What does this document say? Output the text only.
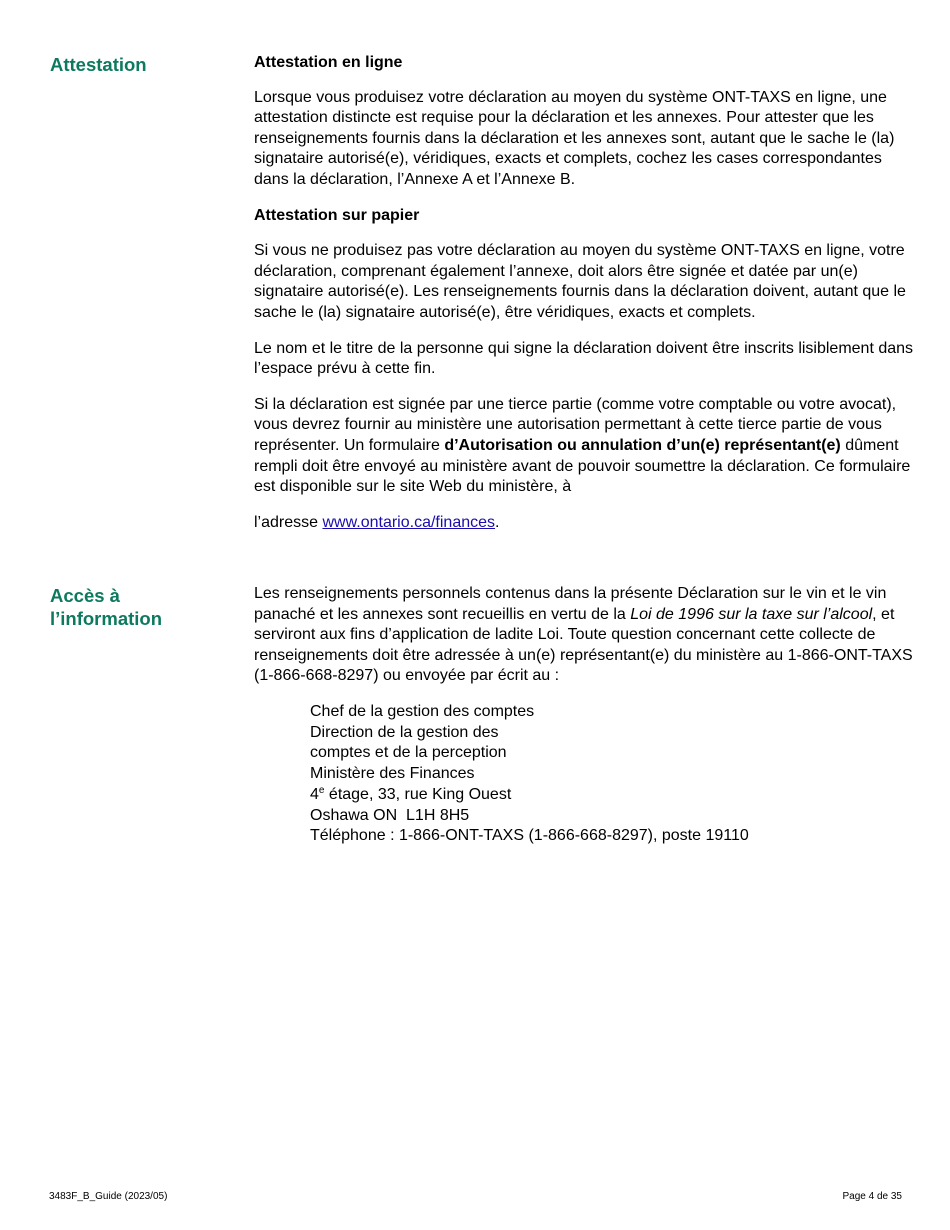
Attestation	Attestation en ligne

Lorsque vous produisez votre déclaration au moyen du système ONT-TAXS en ligne, une attestation distincte est requise pour la déclaration et les annexes. Pour attester que les renseignements fournis dans la déclaration et les annexes sont, autant que le sache le (la) signataire autorisé(e), véridiques, exacts et complets, cochez les cases correspondantes dans la déclaration, l’Annexe A et l’Annexe B.

Attestation sur papier

Si vous ne produisez pas votre déclaration au moyen du système ONT-TAXS en ligne, votre déclaration, comprenant également l’annexe, doit alors être signée et datée par un(e) signataire autorisé(e). Les renseignements fournis dans la déclaration doivent, autant que le sache le (la) signataire autorisé(e), être véridiques, exacts et complets.

Le nom et le titre de la personne qui signe la déclaration doivent être inscrits lisiblement dans l’espace prévu à cette fin.

Si la déclaration est signée par une tierce partie (comme votre comptable ou votre avocat), vous devrez fournir au ministère une autorisation permettant à cette tierce partie de vous représenter. Un formulaire d’Autorisation ou annulation d’un(e) représentant(e) dûment rempli doit être envoyé au ministère avant de pouvoir soumettre la déclaration. Ce formulaire est disponible sur le site Web du ministère, à

l’adresse www.ontario.ca/finances.

Accès à
l’information

Les renseignements personnels contenus dans la présente Déclaration sur le vin et le vin panaché et les annexes sont recueillis en vertu de la Loi de 1996 sur la taxe sur l’alcool, et serviront aux fins d’application de ladite Loi. Toute question concernant cette collecte de renseignements doit être adressée à un(e) représentant(e) du ministère au 1-866-ONT-TAXS (1-866-668-8297) ou envoyée par écrit au :

Chef de la gestion des comptes
Direction de la gestion des
comptes et de la perception
Ministère des Finances
4e étage, 33, rue King Ouest
Oshawa ON  L1H 8H5
Téléphone : 1-866-ONT-TAXS (1-866-668-8297), poste 19110
3483F_B_Guide (2023/05)	Page 4 de 35
